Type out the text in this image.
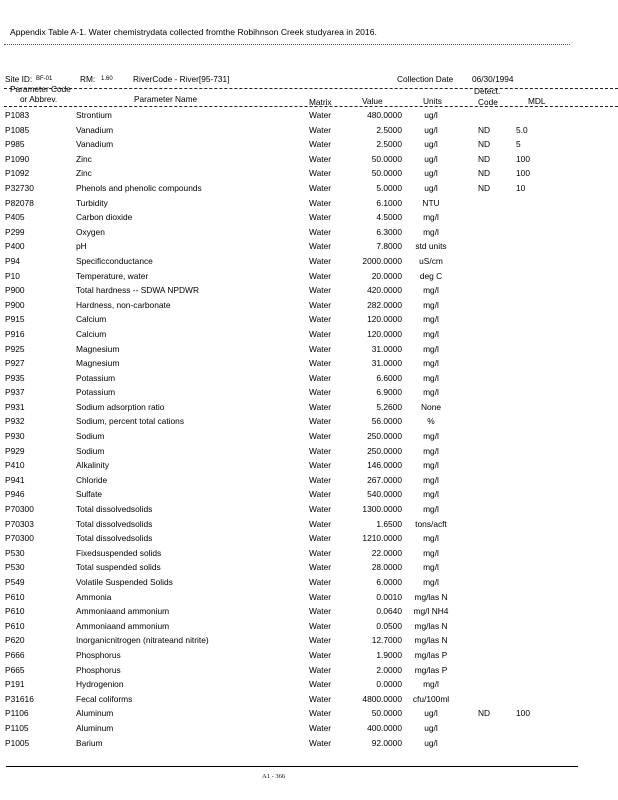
Appendix Table A-1. Water chemistrydata collected fromthe Robihnson Creek studyarea in 2016.
Site ID: BF-01	RM: 1.60 RiverCode - River[95-731]	Collection Date 06/30/1994
Parameter Code
or Abbrev.	Parameter Name	Matrix	Value	Units
Detect.
Code	MDL
P1083	Strontium	Water	480.0000	ug/l
P1085	Vanadium	Water	2.5000	ug/l	ND	5.0
P985	Vanadium	Water	2.5000	ug/l	ND	5
P1090	Zinc	Water	50.0000	ug/l	ND	100
P1092	Zinc	Water	50.0000	ug/l	ND	100
P32730	Phenols and phenolic compounds	Water	5.0000	ug/l	ND	10
P82078	Turbidity	Water	6.1000	NTU
P405	Carbon dioxide	Water	4.5000	mg/l
P299	Oxygen	Water	6.3000	mg/l
P400	pH	Water	7.8000	std units
P94	Specificconductance	Water	2000.0000	uS/cm
P10	Temperature, water	Water	20.0000	deg C
P900	Total hardness -- SDWA NPDWR	Water	420.0000	mg/l
P900	Hardness, non-carbonate	Water	282.0000	mg/l
P915	Calcium	Water	120.0000	mg/l
P916	Calcium	Water	120.0000	mg/l
P925	Magnesium	Water	31.0000	mg/l
P927	Magnesium	Water	31.0000	mg/l
P935	Potassium	Water	6.6000	mg/l
P937	Potassium	Water	6.9000	mg/l
P931	Sodium adsorption ratio	Water	5.2600	None
P932	Sodium, percent total cations	Water	56.0000	%
P930	Sodium	Water	250.0000	mg/l
P929	Sodium	Water	250.0000	mg/l
P410	Alkalinity	Water	146.0000	mg/l
P941	Chloride	Water	267.0000	mg/l
P946	Sulfate	Water	540.0000	mg/l
P70300	Total dissolvedsolids	Water	1300.0000	mg/l
P70303	Total dissolvedsolids	Water	1.6500	tons/acft
P70300	Total dissolvedsolids	Water	1210.0000	mg/l
P530	Fixedsuspended solids	Water	22.0000	mg/l
P530	Total suspended solids	Water	28.0000	mg/l
P549	Volatile Suspended Solids	Water	6.0000	mg/l
P610	Ammonia	Water	0.0010	mg/las N
P610	Ammoniaand ammonium	Water	0.0640	mg/l NH4
P610	Ammoniaand ammonium	Water	0.0500	mg/las N
P620	Inorganicnitrogen (nitrateand nitrite)	Water	12.7000	mg/las N
P666	Phosphorus	Water	1.9000	mg/las P
P665	Phosphorus	Water	2.0000	mg/las P
P191	Hydrogenion	Water	0.0000	mg/l
P31616	Fecal coliforms	Water	4800.0000	cfu/100ml
P1106	Aluminum	Water	50.0000	ug/l	ND	100
P1105	Aluminum	Water	400.0000	ug/l
P1005	Barium	Water	92.0000	ug/l
A1 - 366
